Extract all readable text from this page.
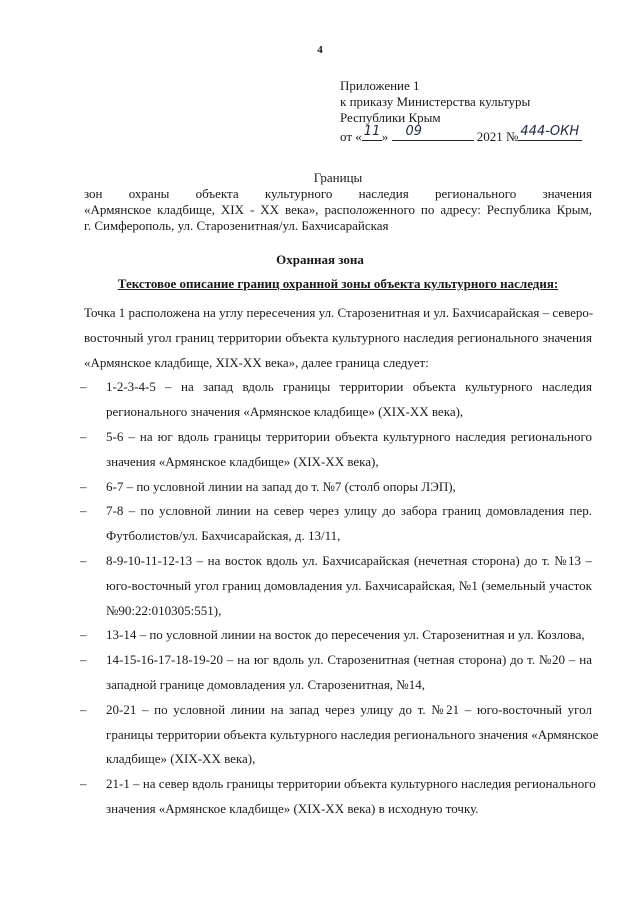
4
Приложение 1
к приказу Министерства культуры
Республики Крым
от « 11 » 09	2021 № 444-ОКН
Границы
зон охраны объекта культурного наследия регионального значения
«Армянское кладбище, XIX - XX века», расположенного по адресу: Республика Крым,
г. Симферополь, ул. Старозенитная/ул. Бахчисарайская
Охранная зона
Текстовое описание границ охранной зоны объекта культурного наследия:
Точка 1 расположена на углу пересечения ул. Старозенитная и ул. Бахчисарайская – северо-
восточный угол границ территории объекта культурного наследия регионального значения
«Армянское кладбище, XIX-XX века», далее граница следует:
– 1-2-3-4-5 – на запад вдоль границы территории объекта культурного наследия
регионального значения «Армянское кладбище» (XIX-XX века),
– 5-6 – на юг вдоль границы территории объекта культурного наследия регионального
значения «Армянское кладбище» (XIX-XX века),
– 6-7 – по условной линии на запад до т. №7 (столб опоры ЛЭП),
– 7-8 – по условной линии на север через улицу до забора границ домовладения пер.
Футболистов/ул. Бахчисарайская, д. 13/11,
– 8-9-10-11-12-13 – на восток вдоль ул. Бахчисарайская (нечетная сторона) до т. №13 –
юго-восточный угол границ домовладения ул. Бахчисарайская, №1 (земельный участок
№90:22:010305:551),
– 13-14 – по условной линии на восток до пересечения ул. Старозенитная и ул. Козлова,
– 14-15-16-17-18-19-20 – на юг вдоль ул. Старозенитная (четная сторона) до т. №20 – на
западной границе домовладения ул. Старозенитная, №14,
– 20-21 – по условной линии на запад через улицу до т. №21 – юго-восточный угол
границы территории объекта культурного наследия регионального значения «Армянское
кладбище» (XIX-XX века),
– 21-1 – на север вдоль границы территории объекта культурного наследия регионального
значения «Армянское кладбище» (XIX-XX века) в исходную точку.
